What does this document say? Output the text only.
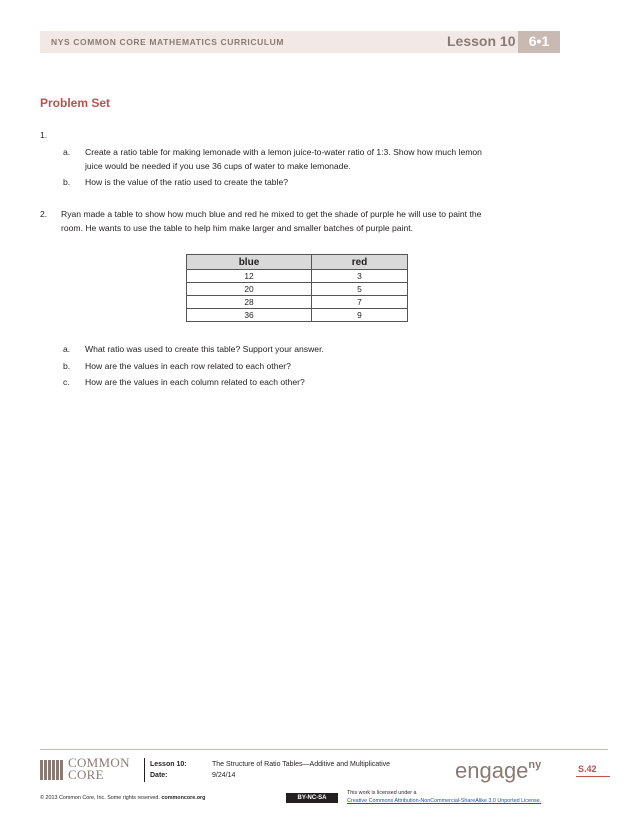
NYS COMMON CORE MATHEMATICS CURRICULUM	Lesson 10 6•1
Problem Set
1.
a. Create a ratio table for making lemonade with a lemon juice-to-water ratio of 1:3. Show how much lemon
juice would be needed if you use 36 cups of water to make lemonade.
b. How is the value of the ratio used to create the table?
2. Ryan made a table to show how much blue and red he mixed to get the shade of purple he will use to paint the
room. He wants to use the table to help him make larger and smaller batches of purple paint.
blue	red
12	3
20	5
28	7
36	9
a. What ratio was used to create this table? Support your answer.
b. How are the values in each row related to each other?
c. How are the values in each column related to each other?
COMMON
CORE
Lesson 10:	The Structure of Ratio Tables—Additive and Multiplicative
Date:	9/24/14	engage$^{ny}$	S.42
© 2013 Common Core, Inc. Some rights reserved. commoncore.org	BY-NC-SA
This work is licensed under a
Creative Commons Attribution-NonCommercial-ShareAlike 3.0 Unported License.
